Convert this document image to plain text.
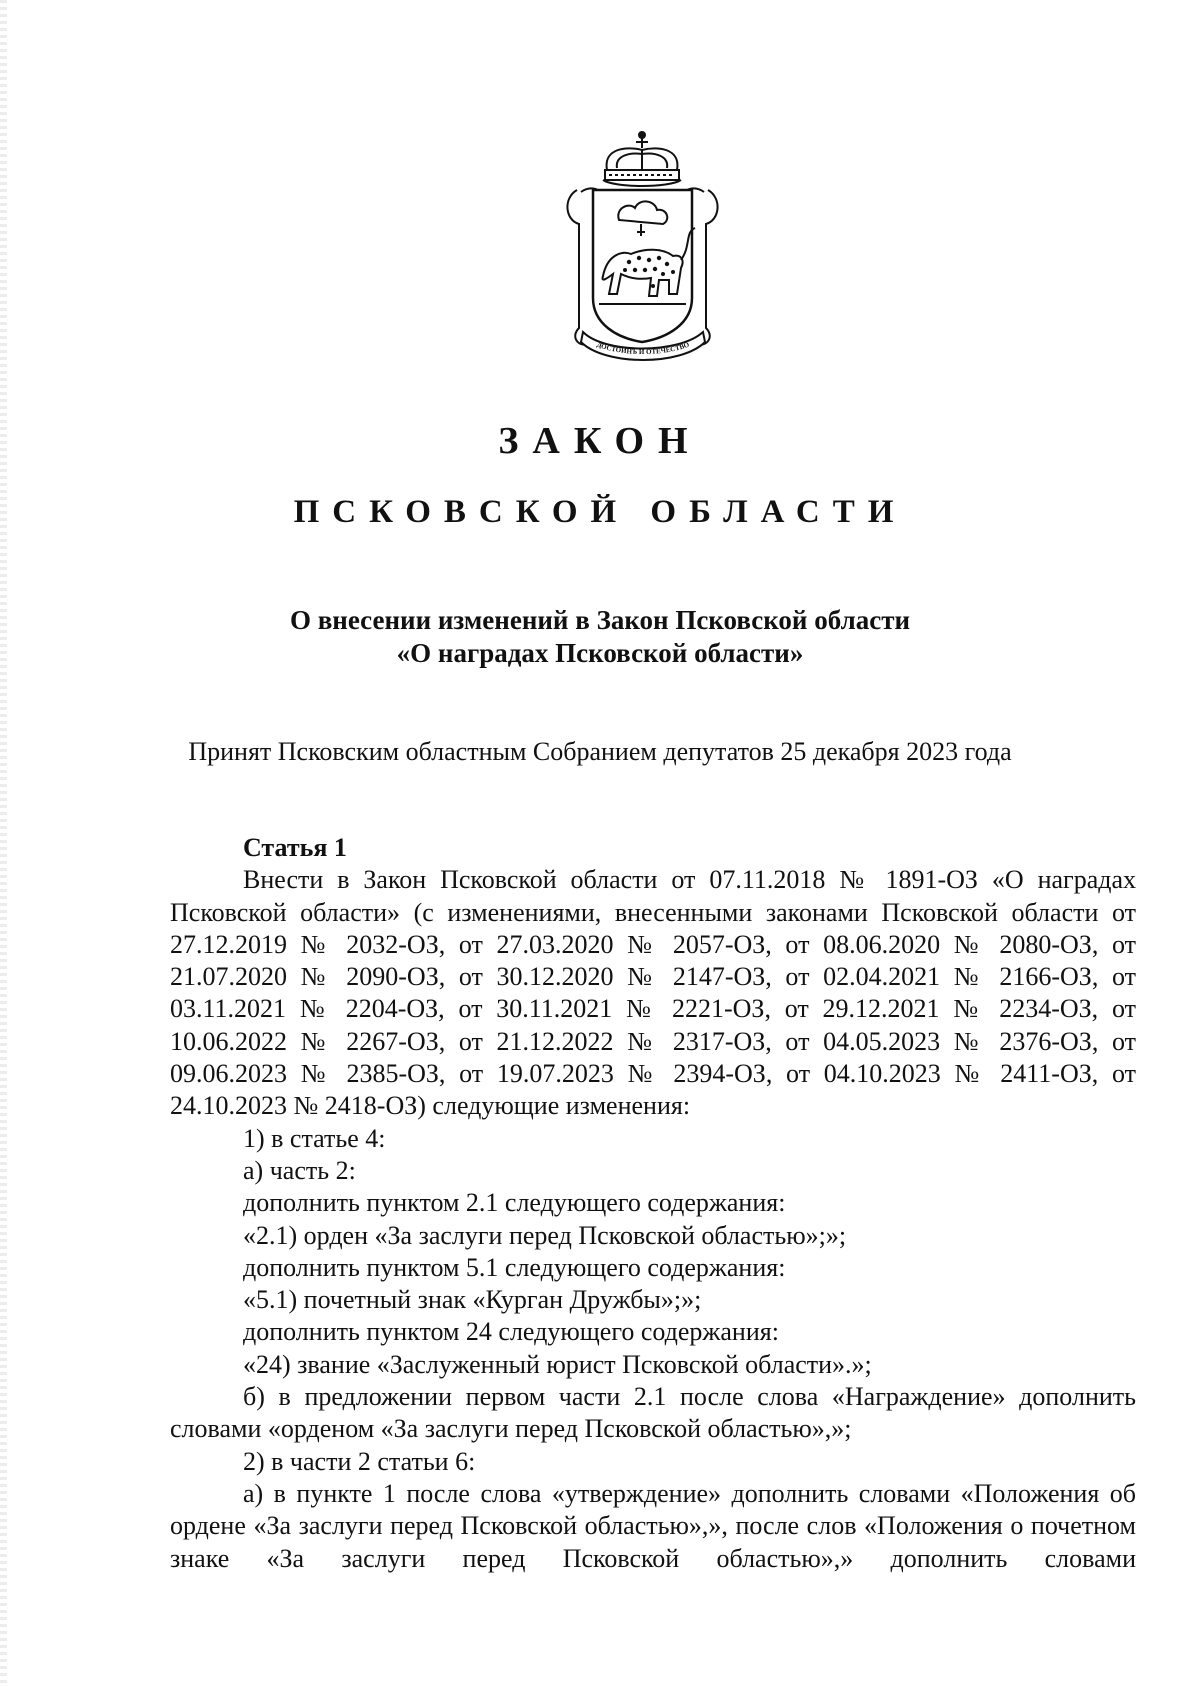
ДОСТОИНЪ И ОТЕЧЕСТВО
ЗАКОН
ПСКОВСКОЙ ОБЛАСТИ
О внесении изменений в Закон Псковской области
«О наградах Псковской области»
Принят Псковским областным Собранием депутатов 25 декабря 2023 года
Статья 1

Внести в Закон Псковской области от 07.11.2018 № 1891-ОЗ «О наградах Псковской области» (с изменениями, внесенными законами Псковской области от 27.12.2019 № 2032-ОЗ, от 27.03.2020 № 2057-ОЗ, от 08.06.2020 № 2080-ОЗ, от 21.07.2020 № 2090-ОЗ, от 30.12.2020 № 2147-ОЗ, от 02.04.2021 № 2166-ОЗ, от 03.11.2021 № 2204-ОЗ, от 30.11.2021 № 2221-ОЗ, от 29.12.2021 № 2234-ОЗ, от 10.06.2022 № 2267-ОЗ, от 21.12.2022 № 2317-ОЗ, от 04.05.2023 № 2376-ОЗ, от 09.06.2023 № 2385-ОЗ, от 19.07.2023 № 2394-ОЗ, от 04.10.2023 № 2411-ОЗ, от 24.10.2023 № 2418-ОЗ) следующие изменения:

1) в статье 4:

а) часть 2:

дополнить пунктом 2.1 следующего содержания:

«2.1) орден «За заслуги перед Псковской областью»;»;

дополнить пунктом 5.1 следующего содержания:

«5.1) почетный знак «Курган Дружбы»;»;

дополнить пунктом 24 следующего содержания:

«24) звание «Заслуженный юрист Псковской области».»;

б) в предложении первом части 2.1 после слова «Награждение» дополнить словами «орденом «За заслуги перед Псковской областью»,»;

2) в части 2 статьи 6:

а) в пункте 1 после слова «утверждение» дополнить словами «Положения об ордене «За заслуги перед Псковской областью»,», после слов «Положения о почетном знаке «За заслуги перед Псковской областью»,» дополнить словами
